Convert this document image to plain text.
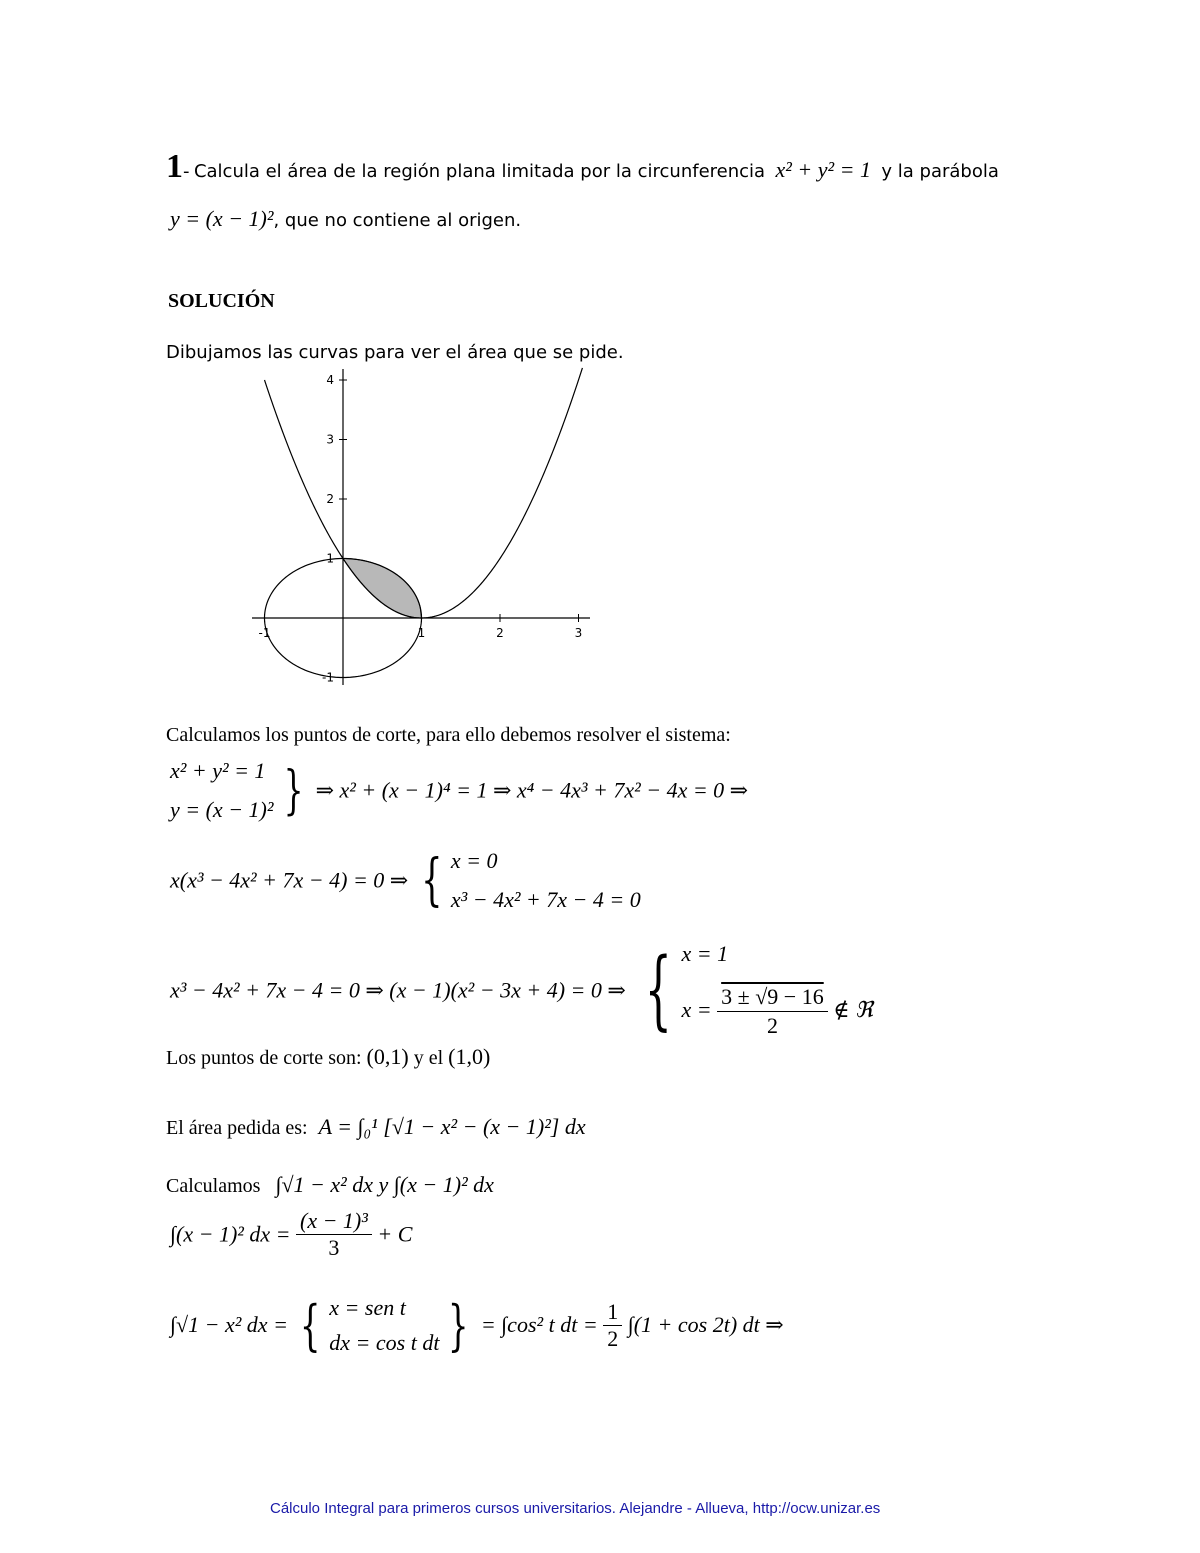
1- Calcula el área de la región plana limitada por la circunferencia x² + y² = 1 y la parábola
y = (x − 1)², que no contiene al origen.
SOLUCIÓN
Dibujamos las curvas para ver el área que se pide.
-1	1	2	3
4
3
2
1
-1
Calculamos los puntos de corte, para ello debemos resolver el sistema:
x² + y² = 1
y = (x − 1)² } ⇒ x² + (x − 1)⁴ = 1 ⇒ x⁴ − 4x³ + 7x² − 4x = 0 ⇒
x(x³ − 4x² + 7x − 4) = 0 ⇒ { x = 0
x³ − 4x² + 7x − 4 = 0
x³ − 4x² + 7x − 4 = 0 ⇒ (x − 1)(x² − 3x + 4) = 0 ⇒ { x = 1
$x = \frac{3 \pm √9 - 16}{2}$ ∉ ℜ
Los puntos de corte son: (0,1) y el (1,0)
El área pedida es: A = ∫₀¹ [√1 − x² − (x − 1)²] dx
Calculamos ∫√1 − x² dx y ∫(x − 1)² dx
∫(x − 1)² dx = $\frac{\text{(x − 1)³}}{3} + C$
∫√1 − x² dx = { x = sen t
dx = cos t dt } = ∫cos² t dt = $\frac{1}{2} \int(1 + \cos 2t)$ dt ⇒
Cálculo Integral para primeros cursos universitarios. Alejandre - Allueva, http://ocw.unizar.es
